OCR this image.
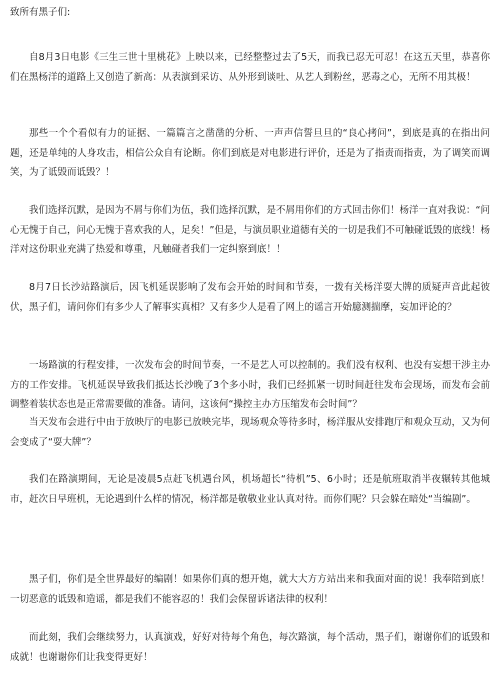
致所有黑子们:

自8月3日电影《三生三世十里桃花》上映以来，已经整整过去了5天，而我已忍无可忍！在这五天里，恭喜你们在黑杨洋的道路上又创造了新高：从表演到采访、从外形到谈吐、从艺人到粉丝，恶毒之心，无所不用其极！

那些一个个看似有力的证据、一篇篇言之凿凿的分析、一声声信誓旦旦的“良心拷问”，到底是真的在指出问题，还是单纯的人身攻击，相信公众自有论断。你们到底是对电影进行评价，还是为了指责而指责，为了调笑而调笑，为了诋毁而诋毁？！

我们选择沉默，是因为不屑与你们为伍，我们选择沉默，是不屑用你们的方式回击你们！杨洋一直对我说：“问心无愧于自己，问心无愧于喜欢我的人，足矣！”但是，与演员职业道德有关的一切是我们不可触碰诋毁的底线！杨洋对这份职业充满了热爱和尊重，凡触碰者我们一定纠察到底！！

8月7日长沙站路演后，因飞机延误影响了发布会开始的时间和节奏，一拨有关杨洋耍大牌的质疑声音此起彼伏，黑子们，请问你们有多少人了解事实真相？又有多少人是看了网上的谣言开始臆测揣摩，妄加评论的？

一场路演的行程安排，一次发布会的时间节奏，一不是艺人可以控制的。我们没有权利、也没有妄想干涉主办方的工作安排。飞机延误导致我们抵达长沙晚了3个多小时，我们已经抓紧一切时间赶往发布会现场，而发布会前调整着装状态也是正常需要做的准备。请问，这该何“操控主办方压缩发布会时间”？

当天发布会进行中由于放映厅的电影已放映完毕，现场观众等待多时，杨洋服从安排跑厅和观众互动，又为何会变成了“耍大牌”？

我们在路演期间，无论是凌晨5点赶飞机遇台风，机场超长“待机”5、6小时；还是航班取消半夜辗转其他城市，赶次日早班机，无论遇到什么样的情况，杨洋都是敬敬业业认真对待。而你们呢？只会躲在暗处“当编剧”。

黑子们，你们是全世界最好的编剧！如果你们真的想开炮，就大大方方站出来和我面对面的说！我奉陪到底！一切恶意的诋毁和造谣，都是我们不能容忍的！我们会保留诉诸法律的权利！

而此刻，我们会继续努力，认真演戏，好好对待每个角色，每次路演，每个活动，黑子们，谢谢你们的诋毁和成就！也谢谢你们让我变得更好！
